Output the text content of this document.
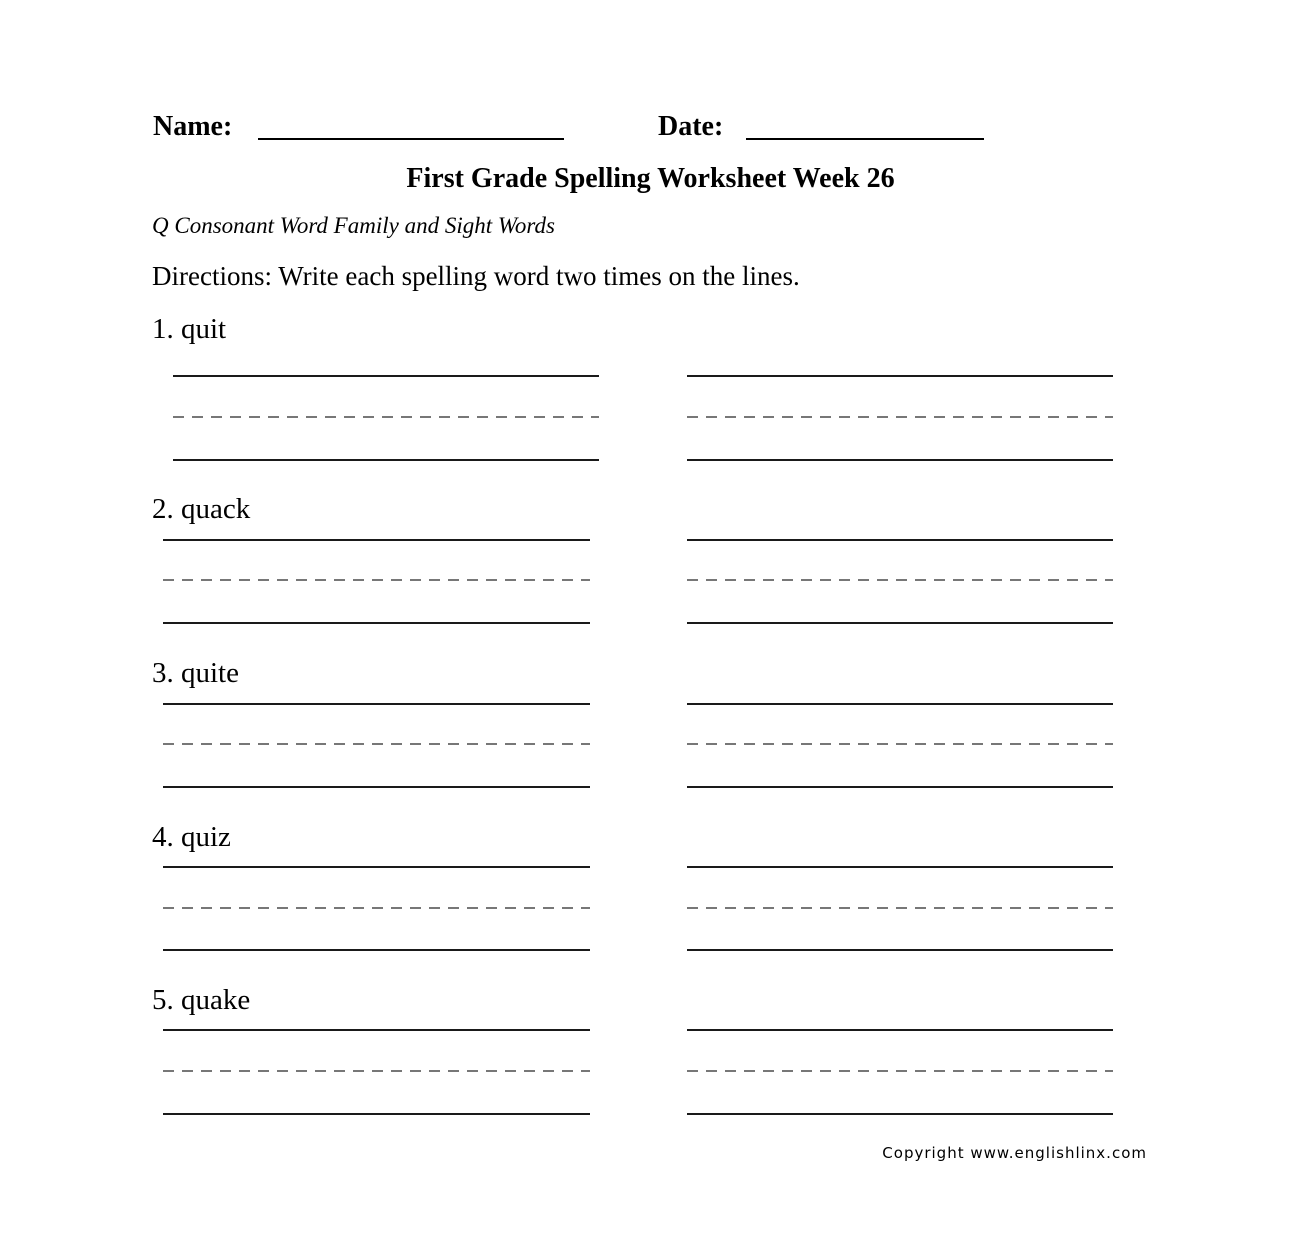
Name:	Date:
First Grade Spelling Worksheet Week 26
Q Consonant Word Family and Sight Words
Directions: Write each spelling word two times on the lines.
1. quit
2. quack
3. quite
4. quiz
5. quake
Copyright www.englishlinx.com
